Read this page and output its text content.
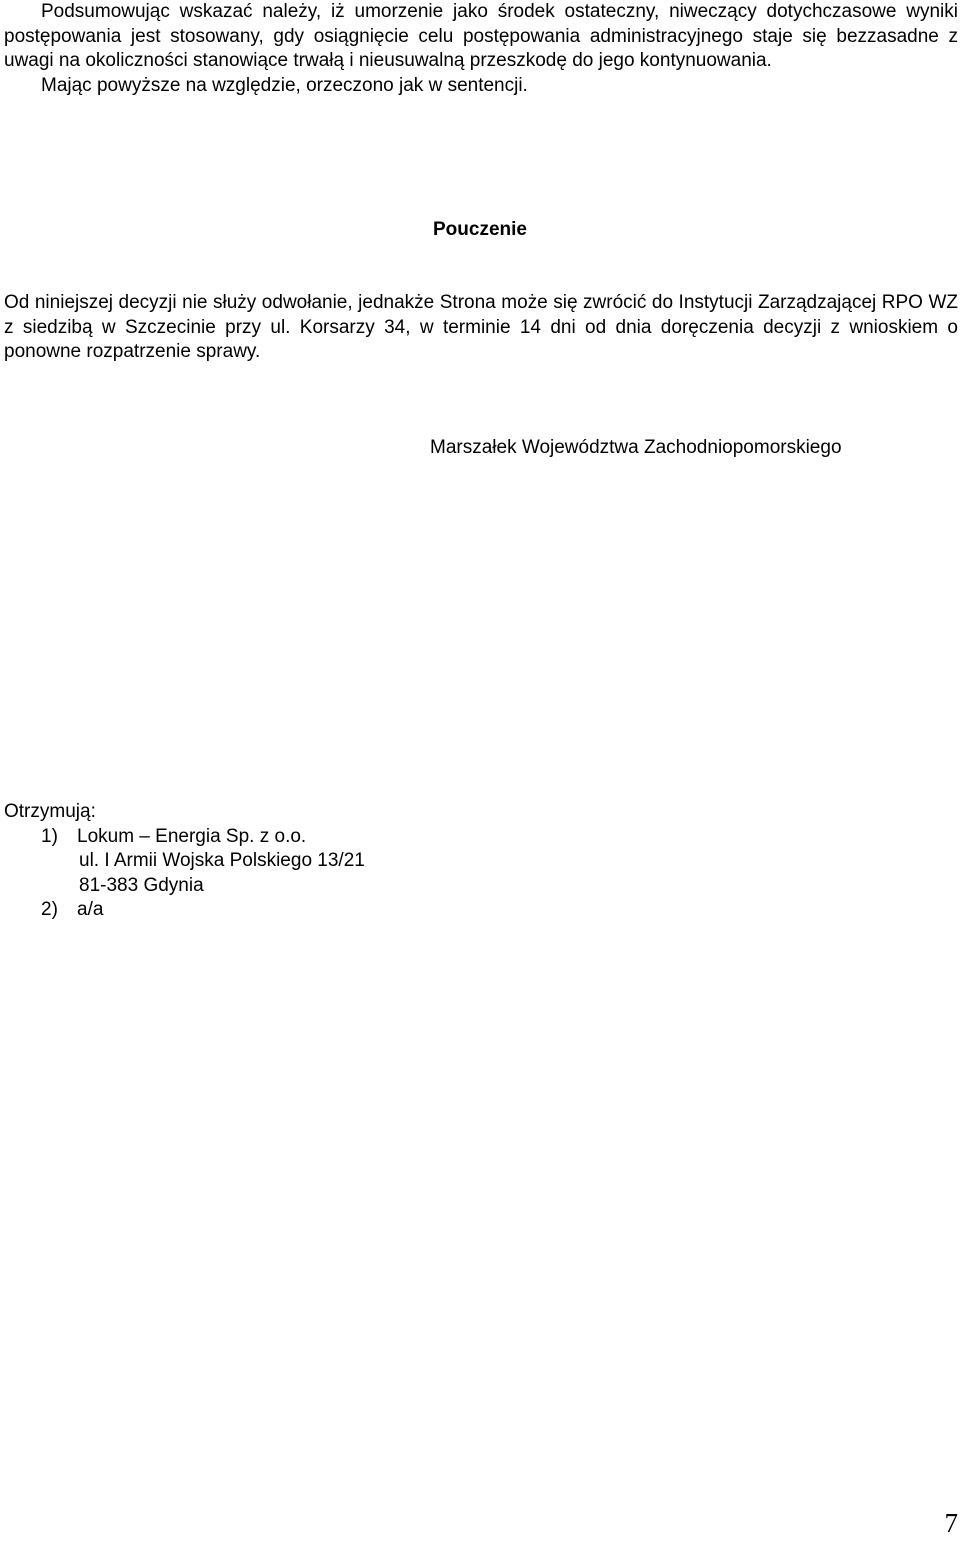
Podsumowując wskazać należy, iż umorzenie jako środek ostateczny, niweczący dotychczasowe wyniki postępowania jest stosowany, gdy osiągnięcie celu postępowania administracyjnego staje się bezzasadne z uwagi na okoliczności stanowiące trwałą i nieusuwalną przeszkodę do jego kontynuowania.
Mając powyższe na względzie, orzeczono jak w sentencji.

Pouczenie

Od niniejszej decyzji nie służy odwołanie, jednakże Strona może się zwrócić do Instytucji Zarządzającej RPO WZ z siedzibą w Szczecinie przy ul. Korsarzy 34, w terminie 14 dni od dnia doręczenia decyzji z wnioskiem o ponowne rozpatrzenie sprawy.

Marszałek Województwa Zachodniopomorskiego
Otrzymują:
1) Lokum – Energia Sp. z o.o.
ul. I Armii Wojska Polskiego 13/21
81-383 Gdynia
2) a/a
7
